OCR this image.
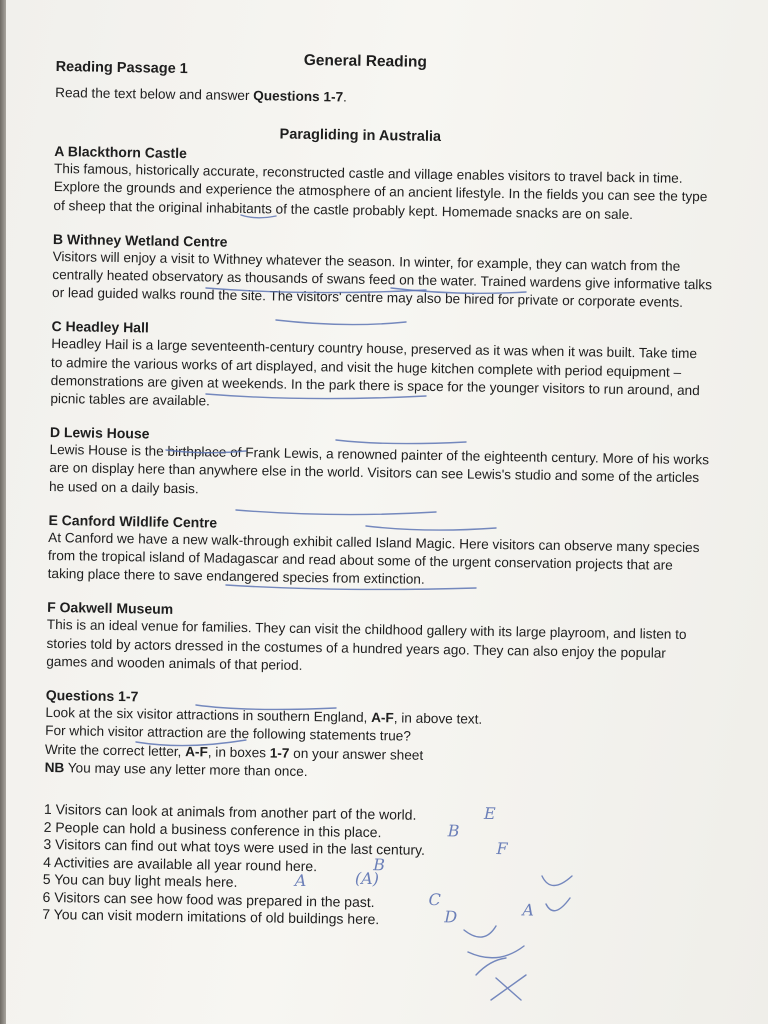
Reading Passage 1	General Reading

Read the text below and answer Questions 1-7.

Paragliding in Australia
A Blackthorn Castle

This famous, historically accurate, reconstructed castle and village enables visitors to travel back in time. Explore the grounds and experience the atmosphere of an ancient lifestyle. In the fields you can see the type of sheep that the original inhabitants of the castle probably kept. Homemade snacks are on sale.

B Withney Wetland Centre

Visitors will enjoy a visit to Withney whatever the season. In winter, for example, they can watch from the centrally heated observatory as thousands of swans feed on the water. Trained wardens give informative talks or lead guided walks round the site. The visitors' centre may also be hired for private or corporate events.

C Headley Hall

Headley Hail is a large seventeenth-century country house, preserved as it was when it was built. Take time to admire the various works of art displayed, and visit the huge kitchen complete with period equipment – demonstrations are given at weekends. In the park there is space for the younger visitors to run around, and picnic tables are available.

D Lewis House

Lewis House is the birthplace of Frank Lewis, a renowned painter of the eighteenth century. More of his works are on display here than anywhere else in the world. Visitors can see Lewis's studio and some of the articles he used on a daily basis.

E Canford Wildlife Centre

At Canford we have a new walk-through exhibit called Island Magic. Here visitors can observe many species from the tropical island of Madagascar and read about some of the urgent conservation projects that are taking place there to save endangered species from extinction.

F Oakwell Museum

This is an ideal venue for families. They can visit the childhood gallery with its large playroom, and listen to stories told by actors dressed in the costumes of a hundred years ago. They can also enjoy the popular games and wooden animals of that period.

Questions 1-7

Look at the six visitor attractions in southern England, A-F, in above text.

For which visitor attraction are the following statements true?

Write the correct letter, A-F, in boxes 1-7 on your answer sheet

NB You may use any letter more than once.

1 Visitors can look at animals from another part of the world.	E
2 People can hold a business conference in this place.	B
3 Visitors can find out what toys were used in the last century.	F
4 Activities are available all year round here.	B
5 You can buy light meals here.	A	(A)
6 Visitors can see how food was prepared in the past.	C
7 You can visit modern imitations of old buildings here.	D	A
